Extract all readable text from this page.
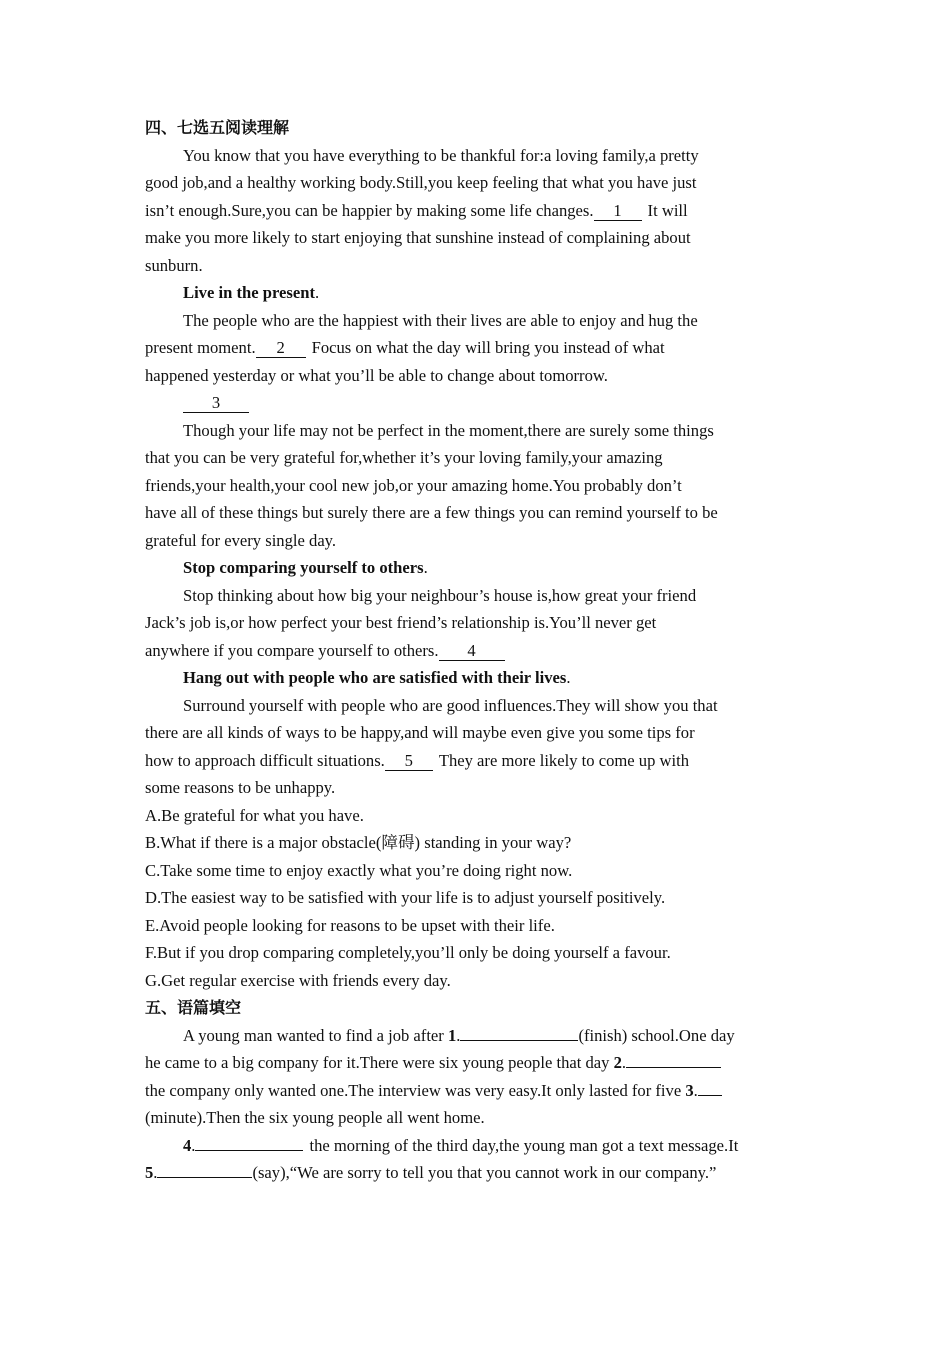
四、七选五阅读理解
You know that you have everything to be thankful for:a loving family,a pretty
good job,and a healthy working body.Still,you keep feeling that what you have just
isn’t enough.Sure,you can be happier by making some life changes. 1 It will
make you more likely to start enjoying that sunshine instead of complaining about
sunburn.
Live in the present.
The people who are the happiest with their lives are able to enjoy and hug the
present moment. 2 Focus on what the day will bring you instead of what
happened yesterday or what you’ll be able to change about tomorrow.
3
Though your life may not be perfect in the moment,there are surely some things
that you can be very grateful for,whether it’s your loving family,your amazing
friends,your health,your cool new job,or your amazing home.You probably don’t
have all of these things but surely there are a few things you can remind yourself to be
grateful for every single day.
Stop comparing yourself to others.
Stop thinking about how big your neighbour’s house is,how great your friend
Jack’s job is,or how perfect your best friend’s relationship is.You’ll never get
anywhere if you compare yourself to others. 4
Hang out with people who are satisfied with their lives.
Surround yourself with people who are good influences.They will show you that
there are all kinds of ways to be happy,and will maybe even give you some tips for
how to approach difficult situations. 5 They are more likely to come up with
some reasons to be unhappy.
A.Be grateful for what you have.
B.What if there is a major obstacle(障碍) standing in your way?
C.Take some time to enjoy exactly what you’re doing right now.
D.The easiest way to be satisfied with your life is to adjust yourself positively.
E.Avoid people looking for reasons to be upset with their life.
F.But if you drop comparing completely,you’ll only be doing yourself a favour.
G.Get regular exercise with friends every day.
五、语篇填空
A young man wanted to find a job after 1.	(finish) school.One day
he came to a big company for it.There were six young people that day 2.
the company only wanted one.The interview was very easy.It only lasted for five 3.
(minute).Then the six young people all went home.
4.	the morning of the third day,the young man got a text message.It
5.	(say),“We are sorry to tell you that you cannot work in our company.”
